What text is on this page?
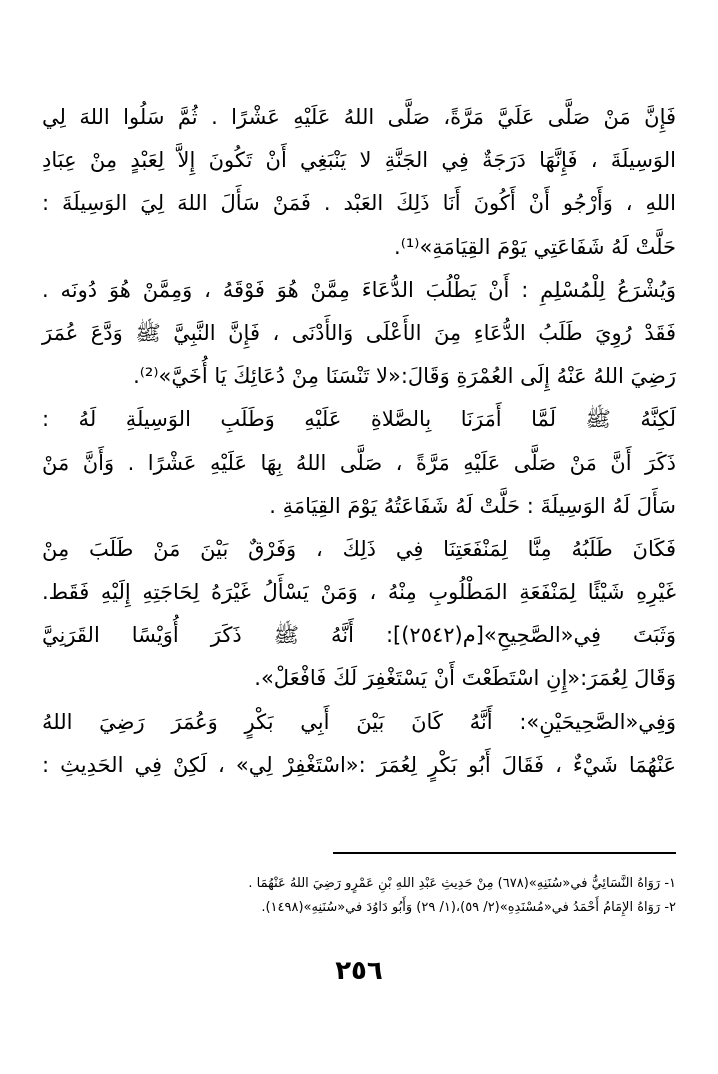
فَإِنَّ مَنْ صَلَّى عَلَيَّ مَرَّةً، صَلَّى اللهُ عَلَيْهِ عَشْرًا . ثُمَّ سَلُوا اللهَ لِي
الوَسِيلَةَ ، فَإِنَّهَا دَرَجَةٌ فِي الجَنَّةِ لا يَنْبَغِي أَنْ تَكُونَ إِلاَّ لِعَبْدٍ مِنْ عِبَادِ
اللهِ ، وَأَرْجُو أَنْ أَكُونَ أَنَا ذَلِكَ العَبْد . فَمَنْ سَأَلَ اللهَ لِيَ الوَسِيلَةَ :
حَلَّتْ لَهُ شَفَاعَتِي يَوْمَ القِيَامَةِ»⁽¹⁾.
وَيُشْرَعُ لِلْمُسْلِمِ : أَنْ يَطْلُبَ الدُّعَاءَ مِمَّنْ هُوَ فَوْقَهُ ، وَمِمَّنْ هُوَ دُونَه .
فَقَدْ رُوِيَ طَلَبُ الدُّعَاءِ مِنَ الأَعْلَى وَالأَدْنَى ، فَإِنَّ النَّبِيَّ ﷺ وَدَّعَ عُمَرَ
رَضِيَ اللهُ عَنْهُ إِلَى العُمْرَةِ وَقَالَ:«لا تَنْسَنَا مِنْ دُعَائِكَ يَا أُخَيَّ»⁽²⁾.
لَكِنَّهُ ﷺ لَمَّا أَمَرَنَا بِالصَّلاةِ عَلَيْهِ وَطَلَبِ الوَسِيلَةِ لَهُ :
ذَكَرَ أَنَّ مَنْ صَلَّى عَلَيْهِ مَرَّةً ، صَلَّى اللهُ بِهَا عَلَيْهِ عَشْرًا . وَأَنَّ مَنْ
سَأَلَ لَهُ الوَسِيلَةَ : حَلَّتْ لَهُ شَفَاعَتُهُ يَوْمَ القِيَامَةِ .
فَكَانَ طَلَبُهُ مِنَّا لِمَنْفَعَتِنَا فِي ذَلِكَ ، وَفَرْقٌ بَيْنَ مَنْ طَلَبَ مِنْ
غَيْرِهِ شَيْئًا لِمَنْفَعَةِ المَطْلُوبِ مِنْهُ ، وَمَنْ يَسْأَلُ غَيْرَهُ لِحَاجَتِهِ إِلَيْهِ فَقَط.
وَثَبَتَ فِي«الصَّحِيحِ»[م(٢٥٤٢)]: أَنَّهُ ﷺ ذَكَرَ أُوَيْسًا القَرَنِيَّ
وَقَالَ لِعُمَرَ:«إِنِ اسْتَطَعْتَ أَنْ يَسْتَغْفِرَ لَكَ فَافْعَلْ».
وَفِي«الصَّحِيحَيْنِ»: أَنَّهُ كَانَ بَيْنَ أَبِي بَكْرٍ وَعُمَرَ رَضِيَ اللهُ
عَنْهُمَا شَيْءٌ ، فَقَالَ أَبُو بَكْرٍ لِعُمَرَ :«اسْتَغْفِرْ لِي» ، لَكِنْ فِي الحَدِيثِ :
١- رَوَاهُ النَّسَائِيُّ في«سُنَنِهِ»(٦٧٨) مِنْ حَدِيثِ عَبْدِ اللهِ بْنِ عَمْرٍو رَضِيَ اللهُ عَنْهُمَا .
٢- رَوَاهُ الإِمَامُ أَحْمَدُ في«مُسْنَدِهِ»(٢/ ٥٩)،(١/ ٢٩) وَأَبُو دَاوُدَ في«سُنَنِهِ»(١٤٩٨).
٢٥٦
